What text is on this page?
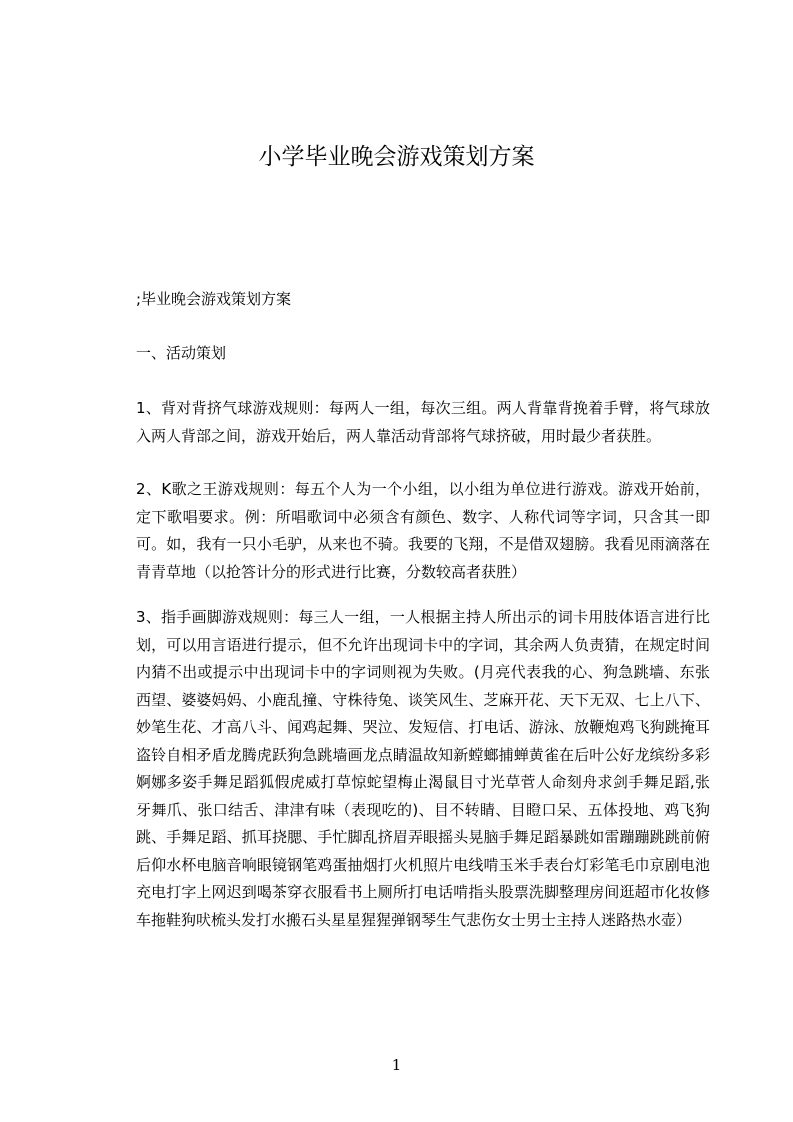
小学毕业晚会游戏策划方案

;毕业晚会游戏策划方案

一、活动策划

1、背对背挤气球游戏规则：每两人一组，每次三组。两人背靠背挽着手臂，将气球放入两人背部之间，游戏开始后，两人靠活动背部将气球挤破，用时最少者获胜。

2、K歌之王游戏规则：每五个人为一个小组，以小组为单位进行游戏。游戏开始前，定下歌唱要求。例：所唱歌词中必须含有颜色、数字、人称代词等字词，只含其一即可。如，我有一只小毛驴，从来也不骑。我要的飞翔，不是借双翅膀。我看见雨滴落在青青草地（以抢答计分的形式进行比赛，分数较高者获胜）

3、指手画脚游戏规则：每三人一组，一人根据主持人所出示的词卡用肢体语言进行比划，可以用言语进行提示，但不允许出现词卡中的字词，其余两人负责猜，在规定时间内猜不出或提示中出现词卡中的字词则视为失败。(月亮代表我的心、狗急跳墙、东张西望、婆婆妈妈、小鹿乱撞、守株待兔、谈笑风生、芝麻开花、天下无双、七上八下、妙笔生花、才高八斗、闻鸡起舞、哭泣、发短信、打电话、游泳、放鞭炮鸡飞狗跳掩耳盗铃自相矛盾龙腾虎跃狗急跳墙画龙点睛温故知新螳螂捕蝉黄雀在后叶公好龙缤纷多彩婀娜多姿手舞足蹈狐假虎威打草惊蛇望梅止渴鼠目寸光草菅人命刻舟求剑手舞足蹈,张牙舞爪、张口结舌、津津有味（表现吃的)、目不转睛、目瞪口呆、五体投地、鸡飞狗跳、手舞足蹈、抓耳挠腮、手忙脚乱挤眉弄眼摇头晃脑手舞足蹈暴跳如雷蹦蹦跳跳前俯后仰水杯电脑音响眼镜钢笔鸡蛋抽烟打火机照片电线啃玉米手表台灯彩笔毛巾京剧电池充电打字上网迟到喝茶穿衣服看书上厕所打电话啃指头股票洗脚整理房间逛超市化妆修车拖鞋狗吠梳头发打水搬石头星星猩猩弹钢琴生气悲伤女士男士主持人迷路热水壶）

1
